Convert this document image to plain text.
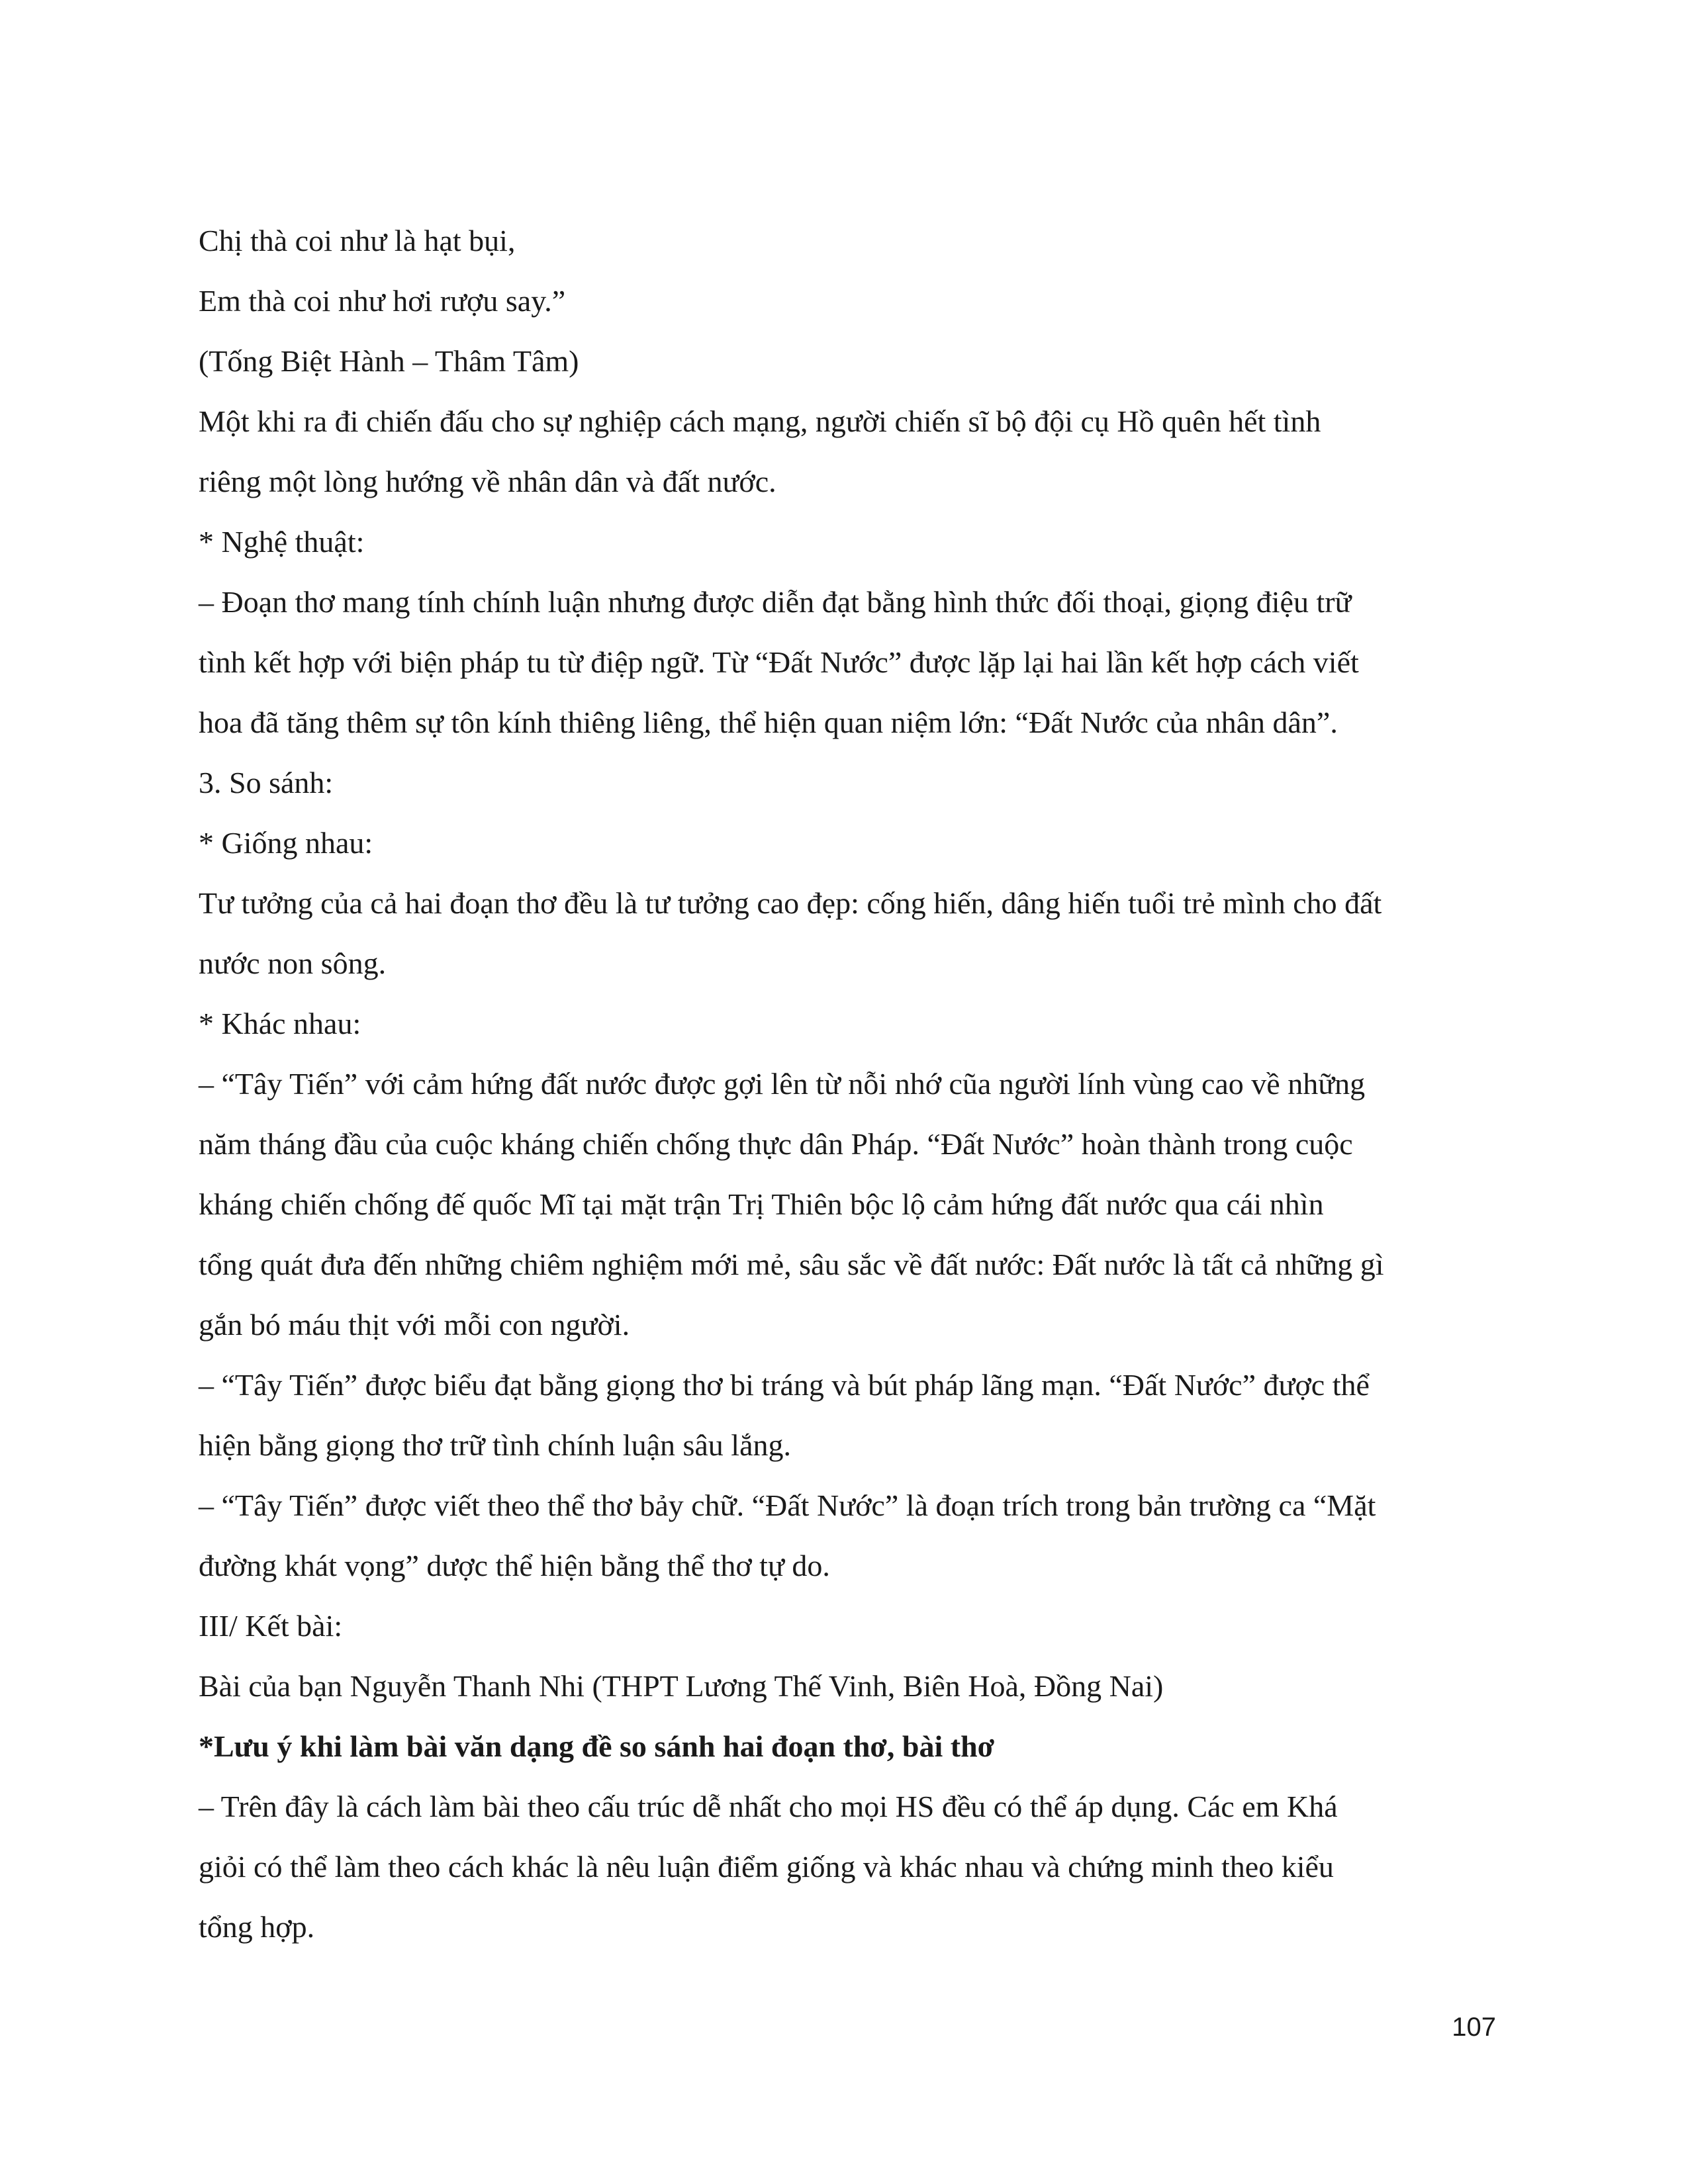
Chị thà coi như là hạt bụi,
Em thà coi như hơi rượu say.”
(Tống Biệt Hành – Thâm Tâm)
Một khi ra đi chiến đấu cho sự nghiệp cách mạng, người chiến sĩ bộ đội cụ Hồ quên hết tình
riêng một lòng hướng về nhân dân và đất nước.
* Nghệ thuật:
– Đoạn thơ mang tính chính luận nhưng được diễn đạt bằng hình thức đối thoại, giọng điệu trữ
tình kết hợp với biện pháp tu từ điệp ngữ. Từ “Đất Nước” được lặp lại hai lần kết hợp cách viết
hoa đã tăng thêm sự tôn kính thiêng liêng, thể hiện quan niệm lớn: “Đất Nước của nhân dân”.
3. So sánh:
* Giống nhau:
Tư tưởng của cả hai đoạn thơ đều là tư tưởng cao đẹp: cống hiến, dâng hiến tuổi trẻ mình cho đất
nước non sông.
* Khác nhau:
– “Tây Tiến” với cảm hứng đất nước được gợi lên từ nỗi nhớ cũa người lính vùng cao về những
năm tháng đầu của cuộc kháng chiến chống thực dân Pháp. “Đất Nước” hoàn thành trong cuộc
kháng chiến chống đế quốc Mĩ tại mặt trận Trị Thiên bộc lộ cảm hứng đất nước qua cái nhìn
tổng quát đưa đến những chiêm nghiệm mới mẻ, sâu sắc về đất nước: Đất nước là tất cả những gì
gắn bó máu thịt với mỗi con người.
– “Tây Tiến” được biểu đạt bằng giọng thơ bi tráng và bút pháp lãng mạn. “Đất Nước” được thể
hiện bằng giọng thơ trữ tình chính luận sâu lắng.
– “Tây Tiến” được viết theo thể thơ bảy chữ. “Đất Nước” là đoạn trích trong bản trường ca “Mặt
đường khát vọng” dược thể hiện bằng thể thơ tự do.
III/ Kết bài:
Bài của bạn Nguyễn Thanh Nhi (THPT Lương Thế Vinh, Biên Hoà, Đồng Nai)
*Lưu ý khi làm bài văn dạng đề so sánh hai đoạn thơ, bài thơ
– Trên đây là cách làm bài theo cấu trúc dễ nhất cho mọi HS đều có thể áp dụng. Các em Khá
giỏi có thể làm theo cách khác là nêu luận điểm giống và khác nhau và chứng minh theo kiểu
tổng hợp.
107
